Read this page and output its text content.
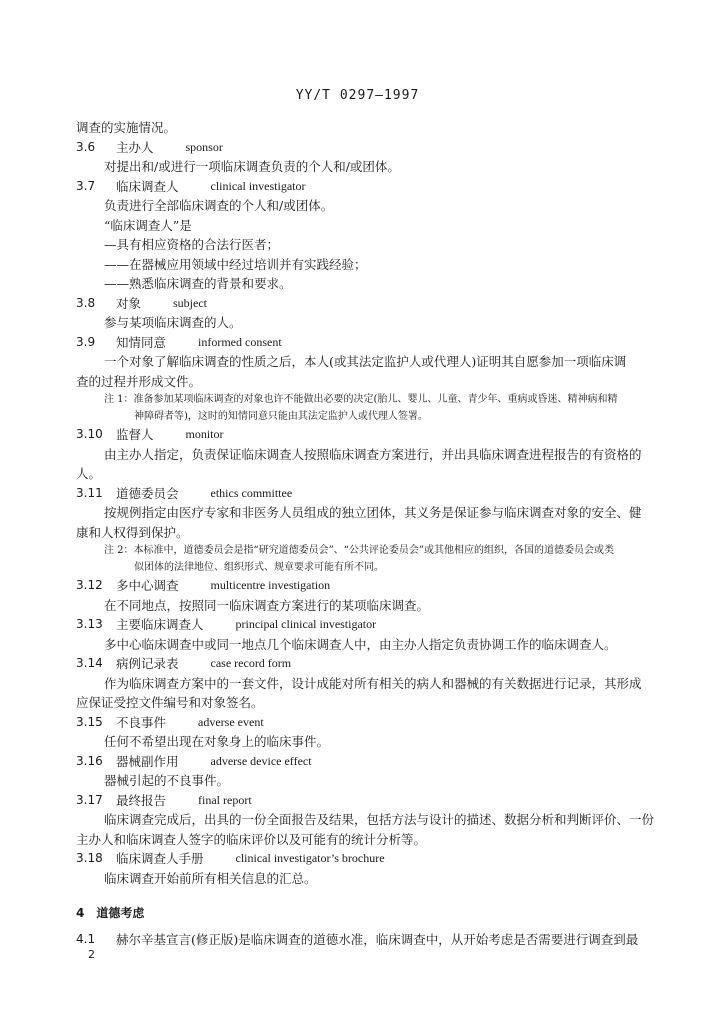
YY/T 0297—1997
调查的实施情况。
3.6	主办人	sponsor
对提出和/或进行一项临床调查负责的个人和/或团体。
3.7	临床调查人	clinical investigator
负责进行全部临床调查的个人和/或团体。
“临床调查人”是
—具有相应资格的合法行医者；
——在器械应用领域中经过培训并有实践经验；
——熟悉临床调查的背景和要求。
3.8	对象	subject
参与某项临床调查的人。
3.9	知情同意	informed consent
一个对象了解临床调查的性质之后，本人(或其法定监护人或代理人)证明其自愿参加一项临床调
查的过程并形成文件。
注 1：准备参加某项临床调查的对象也许不能做出必要的决定(胎儿、婴儿、儿童、青少年、重病或昏迷、精神病和精
神障碍者等)，这时的知情同意只能由其法定监护人或代理人签署。
3.10 监督人	monitor
由主办人指定，负责保证临床调查人按照临床调查方案进行，并出具临床调查进程报告的有资格的
人。
3.11 道德委员会	ethics committee
按规例指定由医疗专家和非医务人员组成的独立团体，其义务是保证参与临床调查对象的安全、健
康和人权得到保护。
注 2：本标准中，道德委员会是指“研究道德委员会”、“公共评论委员会”或其他相应的组织，各国的道德委员会或类
似团体的法律地位、组织形式、规章要求可能有所不同。
3.12 多中心调查	multicentre investigation
在不同地点，按照同一临床调查方案进行的某项临床调查。
3.13 主要临床调查人	principal clinical investigator
多中心临床调查中或同一地点几个临床调查人中，由主办人指定负责协调工作的临床调查人。
3.14 病例记录表	case record form
作为临床调查方案中的一套文件，设计成能对所有相关的病人和器械的有关数据进行记录，其形成
应保证受控文件编号和对象签名。
3.15 不良事件	adverse event
任何不希望出现在对象身上的临床事件。
3.16 器械副作用	adverse device effect
器械引起的不良事件。
3.17 最终报告	final report
临床调查完成后，出具的一份全面报告及结果，包括方法与设计的描述、数据分析和判断评价、一份
主办人和临床调查人签字的临床评价以及可能有的统计分析等。
3.18 临床调查人手册	clinical investigator’s brochure
临床调查开始前所有相关信息的汇总。
4 道德考虑
4.1	赫尔辛基宣言(修正版)是临床调查的道德水准，临床调查中，从开始考虑是否需要进行调查到最
2
